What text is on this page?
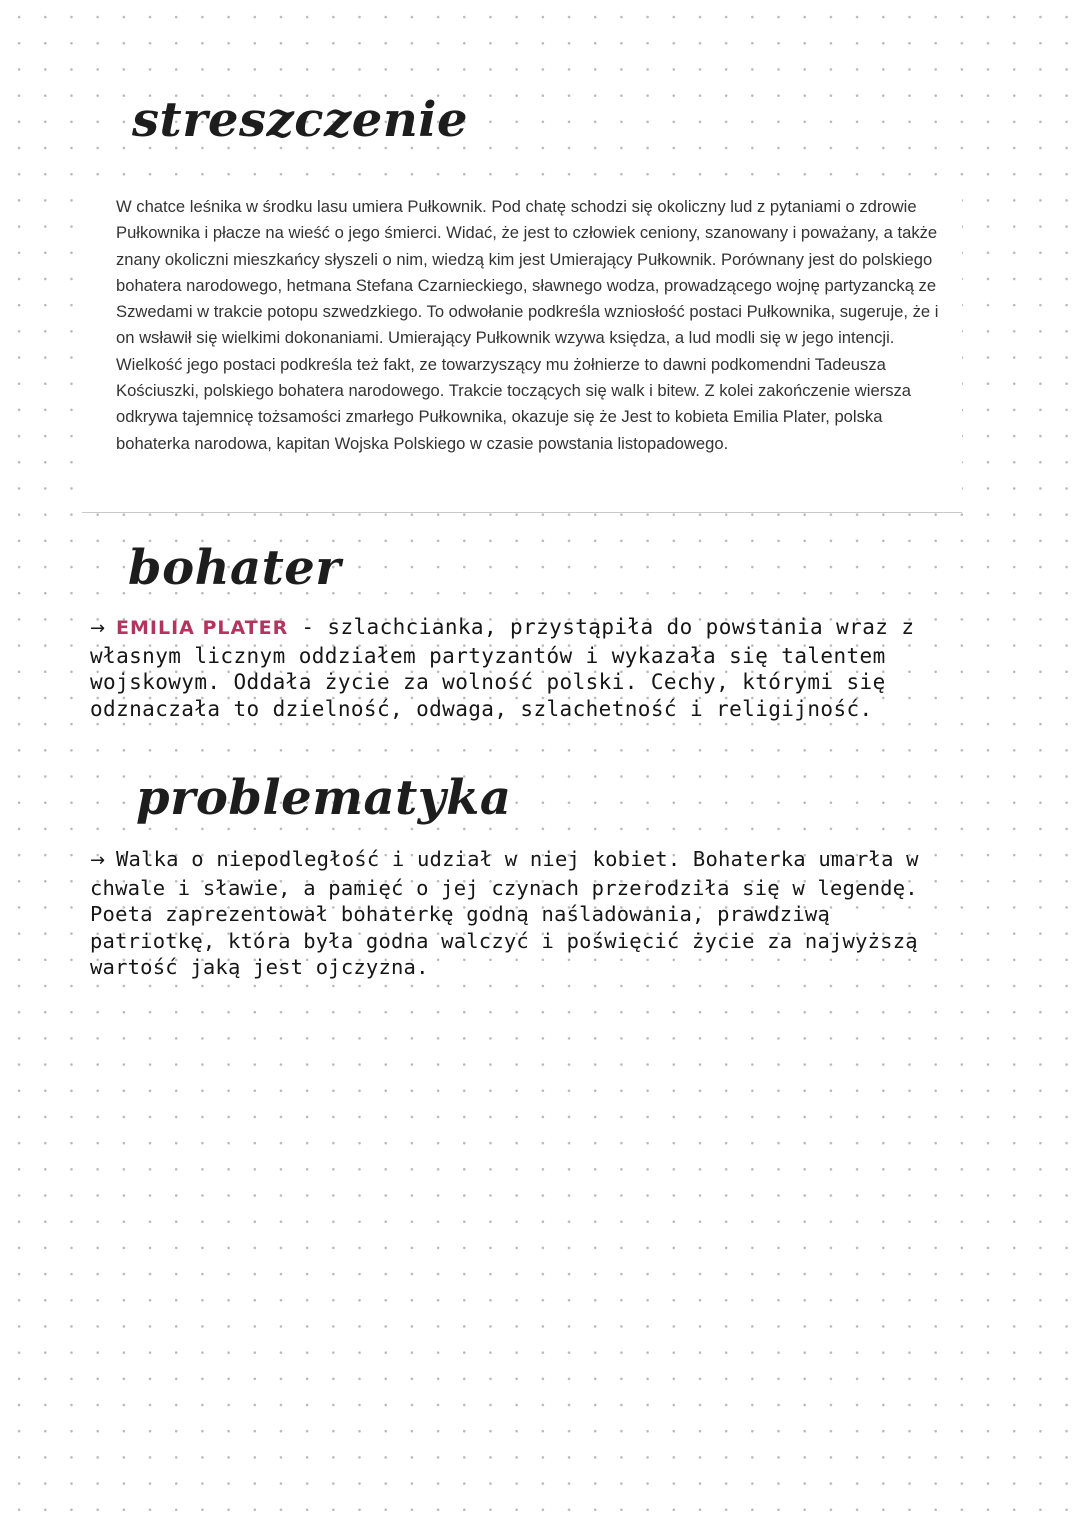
streszczenie

W chatce leśnika w środku lasu umiera Pułkownik. Pod chatę schodzi się okoliczny lud z pytaniami o zdrowie Pułkownika i płacze na wieść o jego śmierci. Widać, że jest to człowiek ceniony, szanowany i poważany, a także znany okoliczni mieszkańcy słyszeli o nim, wiedzą kim jest Umierający Pułkownik. Porównany jest do polskiego bohatera narodowego, hetmana Stefana Czarnieckiego, sławnego wodza, prowadzącego wojnę partyzancką ze Szwedami w trakcie potopu szwedzkiego. To odwołanie podkreśla wzniosłość postaci Pułkownika, sugeruje, że i on wsławił się wielkimi dokonaniami. Umierający Pułkownik wzywa księdza, a lud modli się w jego intencji. Wielkość jego postaci podkreśla też fakt, ze towarzyszący mu żołnierze to dawni podkomendni Tadeusza Kościuszki, polskiego bohatera narodowego. Trakcie toczących się walk i bitew. Z kolei zakończenie wiersza odkrywa tajemnicę tożsamości zmarłego Pułkownika, okazuje się że Jest to kobieta Emilia Plater, polska bohaterka narodowa, kapitan Wojska Polskiego w czasie powstania listopadowego.

bohater

→ EMILIA PLATER - szlachcianka, przystąpiła do powstania wraz z własnym licznym oddziałem partyzantów i wykazała się talentem wojskowym. Oddała życie za wolność polski. Cechy, którymi się odznaczała to dzielność, odwaga, szlachetność i religijność.

problematyka

→ Walka o niepodległość i udział w niej kobiet. Bohaterka umarła w chwale i sławie, a pamięć o jej czynach przerodziła się w legendę. Poeta zaprezentował bohaterkę godną naśladowania, prawdziwą patriotkę, która była godna walczyć i poświęcić życie za najwyższą wartość jaką jest ojczyzna.
